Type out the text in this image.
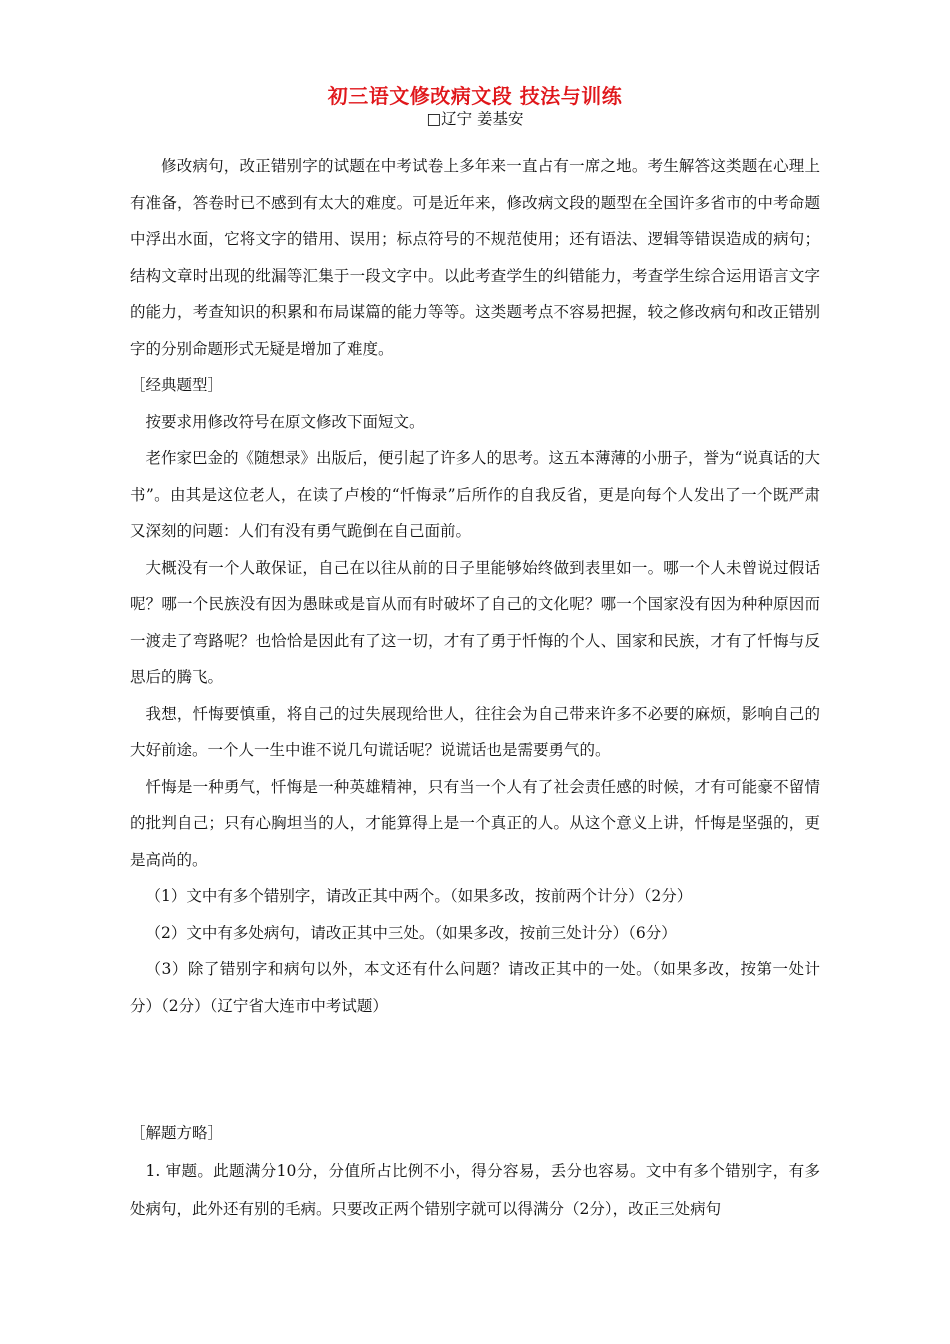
初三语文修改病文段 技法与训练
□辽宁 姜基安

修改病句，改正错别字的试题在中考试卷上多年来一直占有一席之地。考生解答这类题在心理上有准备，答卷时已不感到有太大的难度。可是近年来，修改病文段的题型在全国许多省市的中考命题中浮出水面，它将文字的错用、误用；标点符号的不规范使用；还有语法、逻辑等错误造成的病句；结构文章时出现的纰漏等汇集于一段文字中。以此考查学生的纠错能力，考查学生综合运用语言文字的能力，考查知识的积累和布局谋篇的能力等等。这类题考点不容易把握，较之修改病句和改正错别字的分别命题形式无疑是增加了难度。

［经典题型］

按要求用修改符号在原文修改下面短文。

老作家巴金的《随想录》出版后，便引起了许多人的思考。这五本薄薄的小册子，誉为“说真话的大书”。由其是这位老人，在读了卢梭的“忏悔录”后所作的自我反省，更是向每个人发出了一个既严肃又深刻的问题：人们有没有勇气跪倒在自己面前。

大概没有一个人敢保证，自己在以往从前的日子里能够始终做到表里如一。哪一个人未曾说过假话呢？哪一个民族没有因为愚昧或是盲从而有时破坏了自己的文化呢？哪一个国家没有因为种种原因而一渡走了弯路呢？也恰恰是因此有了这一切，才有了勇于忏悔的个人、国家和民族，才有了忏悔与反思后的腾飞。

我想，忏悔要慎重，将自己的过失展现给世人，往往会为自己带来许多不必要的麻烦，影响自己的大好前途。一个人一生中谁不说几句谎话呢？说谎话也是需要勇气的。

忏悔是一种勇气，忏悔是一种英雄精神，只有当一个人有了社会责任感的时候，才有可能豪不留情的批判自己；只有心胸坦当的人，才能算得上是一个真正的人。从这个意义上讲，忏悔是坚强的，更是高尚的。

（1）文中有多个错别字，请改正其中两个。（如果多改，按前两个计分）（2分）

（2）文中有多处病句，请改正其中三处。（如果多改，按前三处计分）（6分）

（3）除了错别字和病句以外，本文还有什么问题？请改正其中的一处。（如果多改，按第一处计分）（2分）（辽宁省大连市中考试题）

［解题方略］

1. 审题。此题满分10分，分值所占比例不小，得分容易，丢分也容易。文中有多个错别字，有多处病句，此外还有别的毛病。只要改正两个错别字就可以得满分（2分），改正三处病句
